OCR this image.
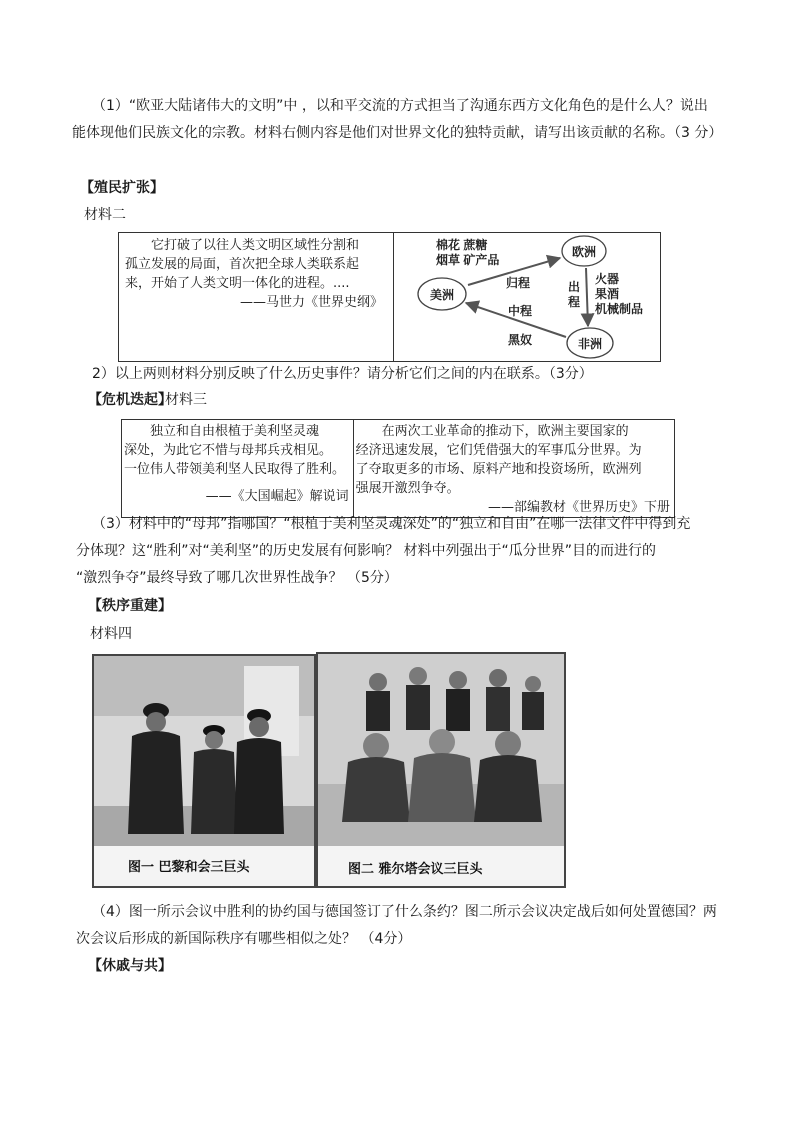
（1）“欧亚大陆诸伟大的文明”中 ，以和平交流的方式担当了沟通东西方文化角色的是什么人？说出
能体现他们民族文化的宗教。材料右侧内容是他们对世界文化的独特贡献，请写出该贡献的名称。（3 分）
【殖民扩张】
材料二
它打破了以往人类文明区域性分割和
孤立发展的局面，首次把全球人类联系起
来，开始了人类文明一体化的进程。....
——马世力《世界史纲》

欧洲
美洲
非洲
棉花 蔗糖
烟草 矿产品
归程	出
程
火器
果酒
机械制品
中程
黑奴
2）以上两则材料分别反映了什么历史事件？请分析它们之间的内在联系。（3分）
【危机迭起】
材料三
独立和自由根植于美利坚灵魂
深处，为此它不惜与母邦兵戎相见。
一位伟人带领美利坚人民取得了胜利。
——《大国崛起》解说词

在两次工业革命的推动下，欧洲主要国家的
经济迅速发展，它们凭借强大的军事瓜分世界。为
了夺取更多的市场、原料产地和投资场所，欧洲列
强展开激烈争夺。
——部编教材《世界历史》下册
（3）材料中的“母邦”指哪国？“根植于美利坚灵魂深处”的“独立和自由”在哪一法律文件中得到充
分体现？这“胜利”对“美利坚”的历史发展有何影响？ 材料中列强出于“瓜分世界”目的而进行的
“激烈争夺”最终导致了哪几次世界性战争？ （5分）
【秩序重建】
材料四
图一 巴黎和会三巨头	图二 雅尔塔会议三巨头
（4）图一所示会议中胜利的协约国与德国签订了什么条约？图二所示会议决定战后如何处置德国？两
次会议后形成的新国际秩序有哪些相似之处？ （4分）
【休戚与共】
